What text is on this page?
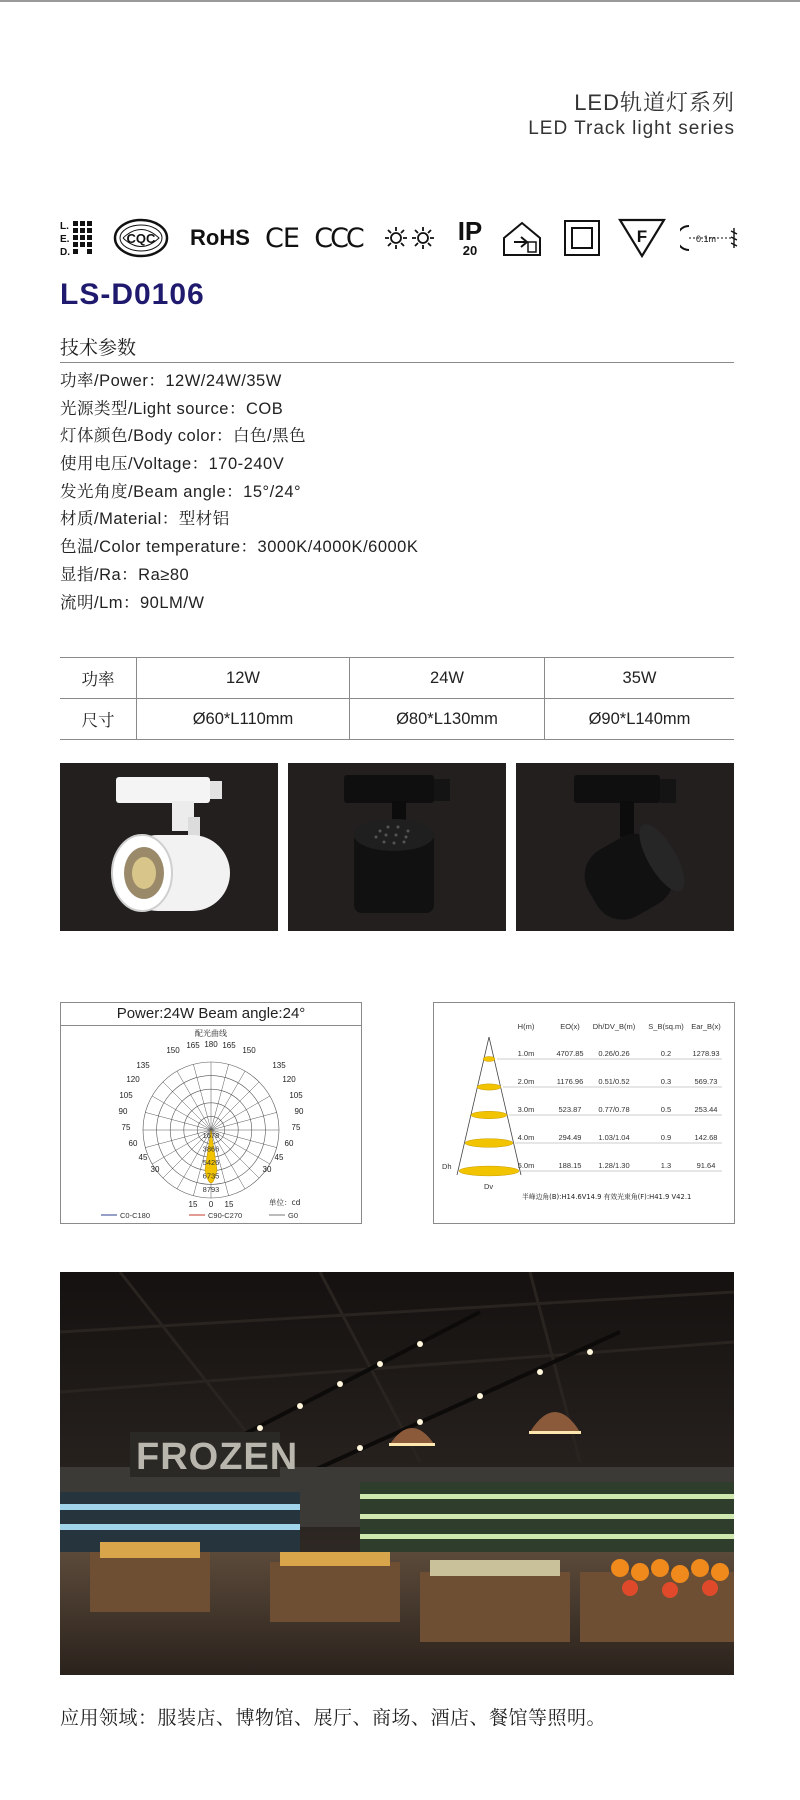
LED轨道灯系列
LED Track light series
L.
E.
D.
CQC RoHS CE CCC	IP
20
F	0.1m
LS-D0106
技术参数
功率/Power：12W/24W/35W
光源类型/Light source：COB
灯体颜色/Body color：白色/黑色
使用电压/Voltage：170-240V
发光角度/Beam angle：15°/24°
材质/Material：型材铝
色温/Color temperature：3000K/4000K/6000K
显指/Ra：Ra≥80
流明/Lm：90LM/W
功率	12W	24W	35W
尺寸	Ø60*L110mm	Ø80*L130mm	Ø90*L140mm
Power:24W Beam angle:24°
配光曲线
150
165 180 165
150
135
120
105
90
75
60
45
30
135
120
105
90
75
60
45
30
15 0 15
1678
3866
5426
6735
8793
单位：cd
C0-C180	C90-C270	G0
H(m)	EO(x) Dh/DV_B(m) S_B(sq.m) Ear_B(x)
1.0m	4707.85 0.26/0.26	0.2	1278.93
2.0m	1176.96 0.51/0.52	0.3	569.73
3.0m	523.87 0.77/0.78	0.5	253.44
4.0m	294.49 1.03/1.04	0.9	142.68
5.0m	188.15 1.28/1.30	1.3	91.64
Dh
Dv
半峰边角(B):H14.6V14.9 有效光束角(F):H41.9 V42.1
FROZEN
应用领域：服装店、博物馆、展厅、商场、酒店、餐馆等照明。
